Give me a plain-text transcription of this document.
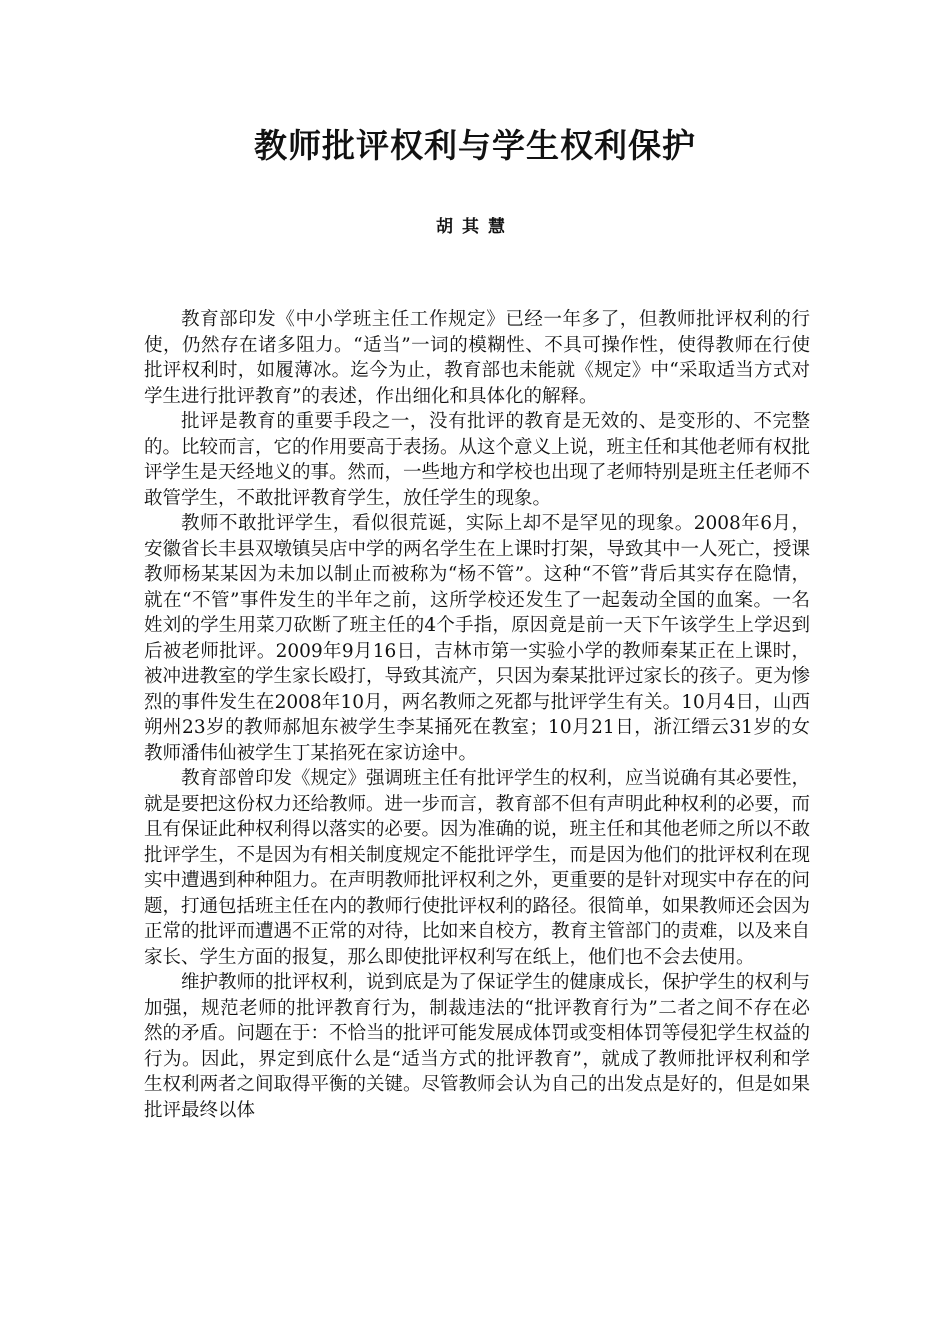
教师批评权利与学生权利保护
胡其慧

教育部印发《中小学班主任工作规定》已经一年多了，但教师批评权利的行使，仍然存在诸多阻力。“适当”一词的模糊性、不具可操作性，使得教师在行使批评权利时，如履薄冰。迄今为止，教育部也未能就《规定》中“采取适当方式对学生进行批评教育”的表述，作出细化和具体化的解释。

批评是教育的重要手段之一，没有批评的教育是无效的、是变形的、不完整的。比较而言，它的作用要高于表扬。从这个意义上说，班主任和其他老师有权批评学生是天经地义的事。然而，一些地方和学校也出现了老师特别是班主任老师不敢管学生，不敢批评教育学生，放任学生的现象。

教师不敢批评学生，看似很荒诞，实际上却不是罕见的现象。2008年6月，安徽省长丰县双墩镇吴店中学的两名学生在上课时打架，导致其中一人死亡，授课教师杨某某因为未加以制止而被称为“杨不管”。这种“不管”背后其实存在隐情，就在“不管”事件发生的半年之前，这所学校还发生了一起轰动全国的血案。一名姓刘的学生用菜刀砍断了班主任的4个手指，原因竟是前一天下午该学生上学迟到后被老师批评。2009年9月16日，吉林市第一实验小学的教师秦某正在上课时，被冲进教室的学生家长殴打，导致其流产，只因为秦某批评过家长的孩子。更为惨烈的事件发生在2008年10月，两名教师之死都与批评学生有关。10月4日，山西朔州23岁的教师郝旭东被学生李某捅死在教室；10月21日，浙江缙云31岁的女教师潘伟仙被学生丁某掐死在家访途中。

教育部曾印发《规定》强调班主任有批评学生的权利，应当说确有其必要性，就是要把这份权力还给教师。进一步而言，教育部不但有声明此种权利的必要，而且有保证此种权利得以落实的必要。因为准确的说，班主任和其他老师之所以不敢批评学生，不是因为有相关制度规定不能批评学生，而是因为他们的批评权利在现实中遭遇到种种阻力。在声明教师批评权利之外，更重要的是针对现实中存在的问题，打通包括班主任在内的教师行使批评权利的路径。很简单，如果教师还会因为正常的批评而遭遇不正常的对待，比如来自校方，教育主管部门的责难，以及来自家长、学生方面的报复，那么即使批评权利写在纸上，他们也不会去使用。

维护教师的批评权利，说到底是为了保证学生的健康成长，保护学生的权利与加强，规范老师的批评教育行为，制裁违法的“批评教育行为”二者之间不存在必然的矛盾。问题在于：不恰当的批评可能发展成体罚或变相体罚等侵犯学生权益的行为。因此，界定到底什么是“适当方式的批评教育”，就成了教师批评权利和学生权利两者之间取得平衡的关键。尽管教师会认为自己的出发点是好的，但是如果批评最终以体
